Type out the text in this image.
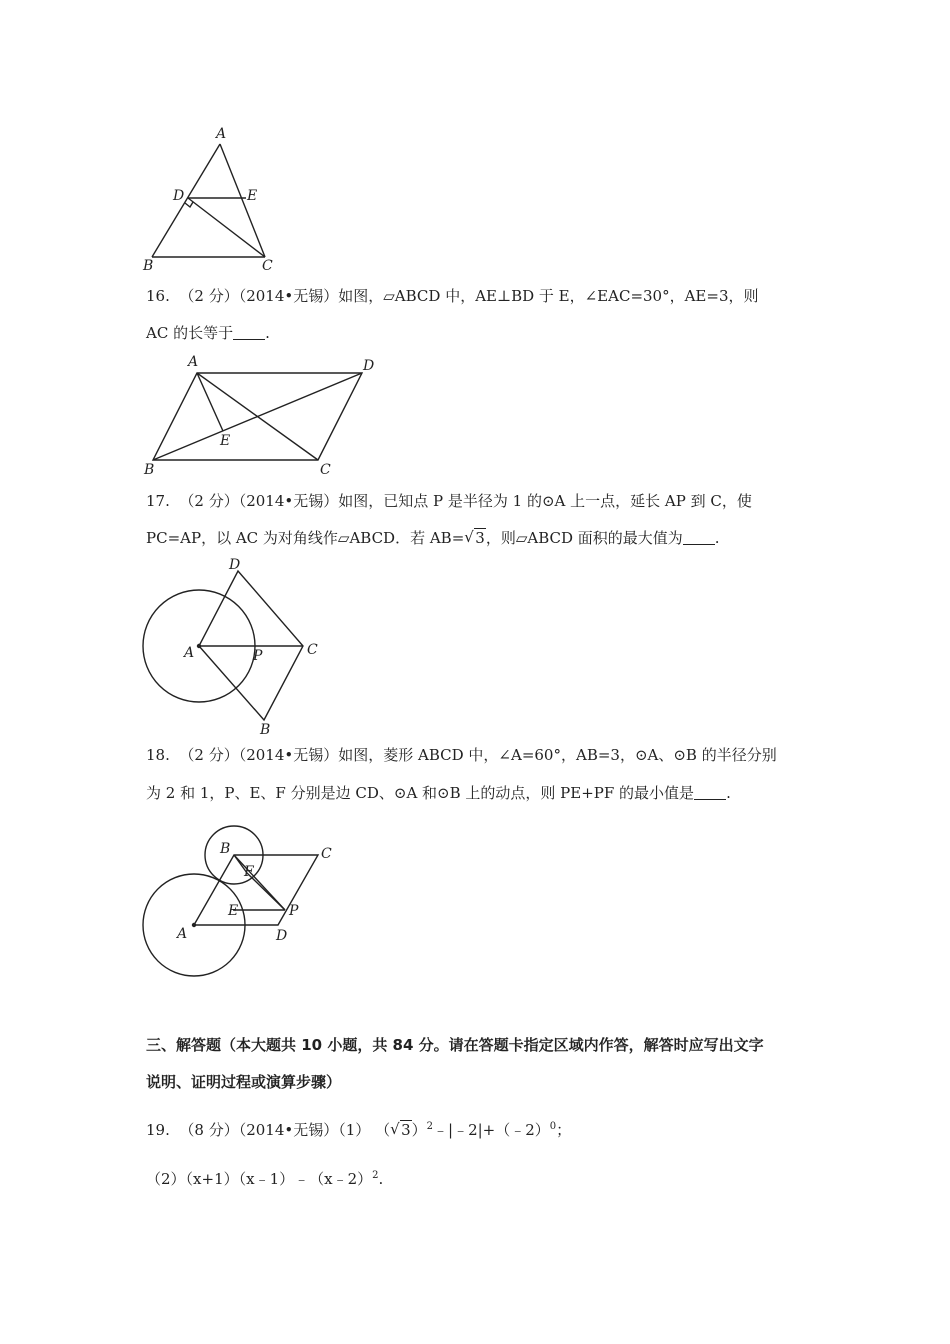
A
D	E
B	C
16. （2 分）（2014•无锡）如图，▱ABCD 中，AE⊥BD 于 E，∠EAC=30°，AE=3，则
AC 的长等于 .
A	D
E
B	C
17. （2 分）（2014•无锡）如图，已知点 P 是半径为 1 的⊙A 上一点，延长 AP 到 C，使
PC=AP，以 AC 为对角线作▱ABCD．若 AB= √ 3，则▱ABCD 面积的最大值为 .
D
A	P	C
B
18. （2 分）（2014•无锡）如图，菱形 ABCD 中，∠A=60°，AB=3，⊙A、⊙B 的半径分别
为 2 和 1，P、E、F 分别是边 CD、⊙A 和⊙B 上的动点，则 PE+PF 的最小值是 .
B	C
F
E	P
A	D
三、解答题（本大题共 10 小题，共 84 分。请在答题卡指定区域内作答，解答时应写出文字
说明、证明过程或演算步骤）
19. （8 分）（2014•无锡）（1） （ √ 3）$^2$﹣|﹣2|+（﹣2）$^0$；
（2）（x+1）（x﹣1）﹣（x﹣2）$^2$.
